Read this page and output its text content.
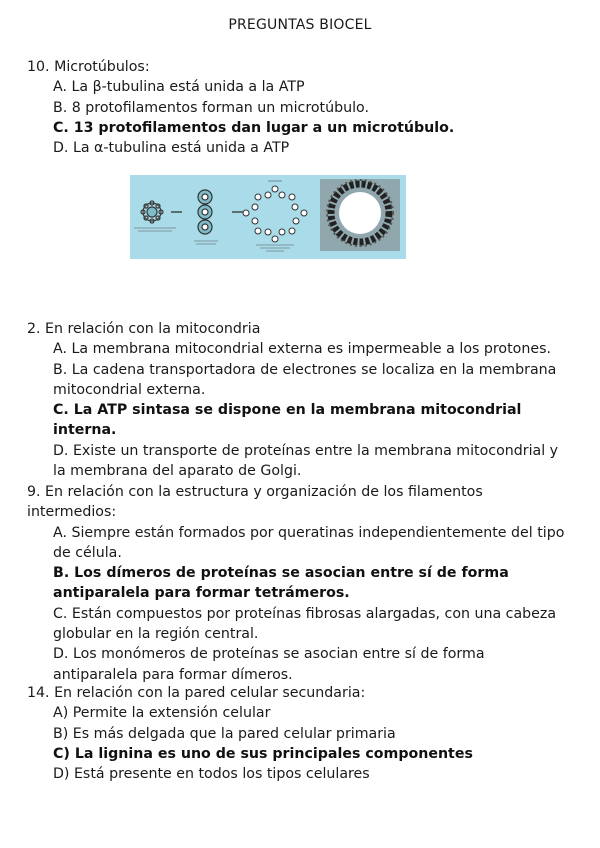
PREGUNTAS BIOCEL

10. Microtúbulos:

A. La β-tubulina está unida a la ATP

B. 8 protofilamentos forman un microtúbulo.

C. 13 protofilamentos dan lugar a un microtúbulo.

D. La α-tubulina está unida a ATP

2. En relación con la mitocondria

A. La membrana mitocondrial externa es impermeable a los protones.

B. La cadena transportadora de electrones se localiza en la membrana mitocondrial externa.

C. La ATP sintasa se dispone en la membrana mitocondrial interna.

D. Existe un transporte de proteínas entre la membrana mitocondrial y la membrana del aparato de Golgi.

9. En relación con la estructura y organización de los filamentos intermedios:

A. Siempre están formados por queratinas independientemente del tipo de célula.

B. Los dímeros de proteínas se asocian entre sí de forma antiparalela para formar tetrámeros.

C. Están compuestos por proteínas fibrosas alargadas, con una cabeza globular en la región central.

D. Los monómeros de proteínas se asocian entre sí de forma antiparalela para formar dímeros.

14. En relación con la pared celular secundaria:

A) Permite la extensión celular

B) Es más delgada que la pared celular primaria

C) La lignina es uno de sus principales componentes

D) Está presente en todos los tipos celulares
